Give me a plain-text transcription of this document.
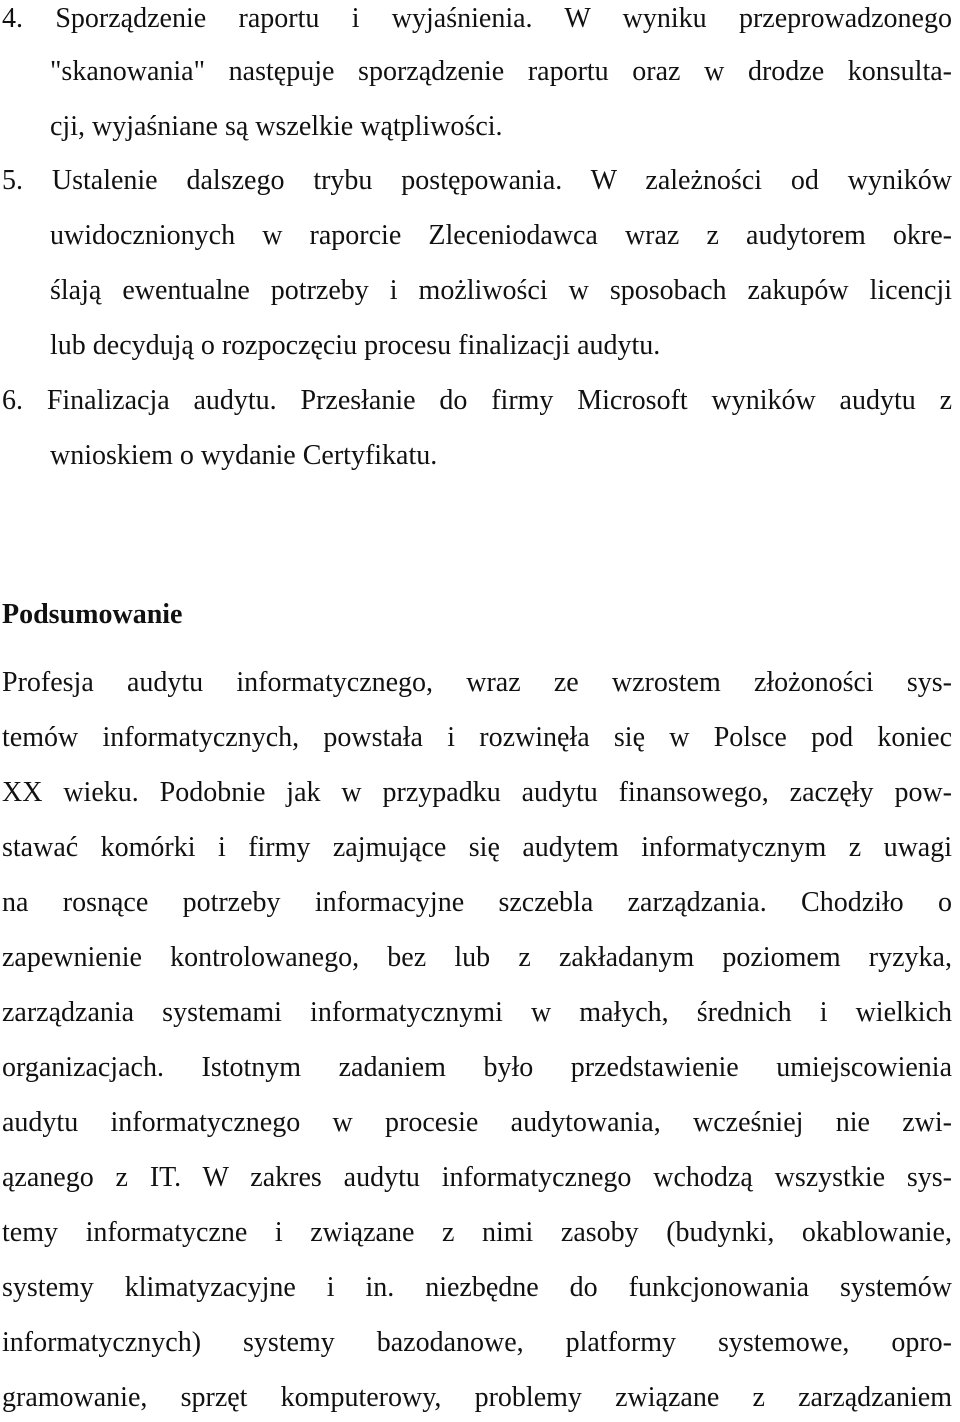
4. Sporządzenie raportu i wyjaśnienia. W wyniku przeprowadzonego
"skanowania" następuje sporządzenie raportu oraz w drodze konsulta-
cji, wyjaśniane są wszelkie wątpliwości.
5. Ustalenie dalszego trybu postępowania. W zależności od wyników
uwidocznionych w raporcie Zleceniodawca wraz z audytorem okre-
ślają ewentualne potrzeby i możliwości w sposobach zakupów licencji
lub decydują o rozpoczęciu procesu finalizacji audytu.
6. Finalizacja audytu. Przesłanie do firmy Microsoft wyników audytu z
wnioskiem o wydanie Certyfikatu.
Podsumowanie
Profesja audytu informatycznego, wraz ze wzrostem złożoności sys-
temów informatycznych, powstała i rozwinęła się w Polsce pod koniec
XX wieku. Podobnie jak w przypadku audytu finansowego, zaczęły pow-
stawać komórki i firmy zajmujące się audytem informatycznym z uwagi
na rosnące potrzeby informacyjne szczebla zarządzania. Chodziło o
zapewnienie kontrolowanego, bez lub z zakładanym poziomem ryzyka,
zarządzania systemami informatycznymi w małych, średnich i wielkich
organizacjach. Istotnym zadaniem było przedstawienie umiejscowienia
audytu informatycznego w procesie audytowania, wcześniej nie zwi-
ązanego z IT. W zakres audytu informatycznego wchodzą wszystkie sys-
temy informatyczne i związane z nimi zasoby (budynki, okablowanie,
systemy klimatyzacyjne i in. niezbędne do funkcjonowania systemów
informatycznych) systemy bazodanowe, platformy systemowe, opro-
gramowanie, sprzęt komputerowy, problemy związane z zarządzaniem
